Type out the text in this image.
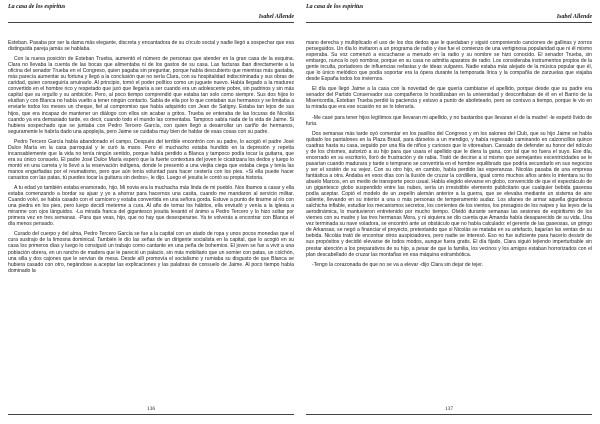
La casa de los espíritus
Isabel Allende

Esteban. Pasaba por ser la dama más elegante, discreta y encantadora de su círculo social y nadie llegó a sospechar que esa distinguida pareja jamás se hablaba.

Con la nueva posición de Esteban Trueba, aumentó el número de personas que atender en la gran casa de la esquina. Clara no llevaba la cuenta de las bocas que alimentaba ni de los gastos de su casa. Las facturas iban directamente a la oficina del senador Trueba en el Congreso, quien pagaba sin preguntar, porque había descubierto que mientras más gastaba, más parecía aumentar su fortuna y llegó a la conclusión que no sería Clara, con su hospitalidad indiscriminada y sus obras de caridad, quien conseguiría arruinarlo. Al principio, tomó el poder político como un juguete nuevo. Había llegado a la madurez convertido en el hombre rico y respetado que juró que llegaría a ser cuando era un adolescente pobre, sin padrinos y sin más capital que su orgullo y su ambición. Pero, al poco tiempo comprendió que estaba tan solo como siempre. Sus dos hijos lo eludían y con Blanca no había vuelto a tener ningún contacto. Sabía de ella por lo que contaban sus hermanos y se limitaba a enviarle todos los meses un cheque, fiel al compromiso que había adquirido con Jean de Satigny. Estaba tan lejos de sus hijos, que era incapaz de mantener un diálogo con ellos sin acabar a gritos. Trueba se enteraba de las locuras de Nicolás cuando ya era demasiado tarde, es decir, cuando todo el mundo las comentaba. Tampoco sabía nada de la vida de Jaime. Si hubiera sospechado que se juntaba con Pedro Tercero García, con quien llegó a desarrollar un cariño de hermanos, seguramente le habría dado una apoplejía, pero Jaime se cuidaba muy bien de hablar de esas cosas con su padre.

Pedro Tercero García había abandonado el campo. Después del terrible encontrón con su padre, lo acogió el padre José Dulce María en la casa parroquial y le curó la mano. Pero el muchacho estaba hundido en la depresión y repetía incansablemente que la vida no tenía ningún sentido, porque había perdido a Blanca y tampoco podía tocar la guitarra, que era su único consuelo. El padre José Dulce María esperó que la fuerte contextura del joven le cicatrizara los dedos y luego lo montó en una carreta y lo llevó a la reservación indígena, donde le presentó a una viejita ciega que estaba ciega y tenía las manos engarfiadas por el reumatismo, pero que aún tenía voluntad para hacer cestería con los pies. «Si ella puede hacer canastos con las patas, tú puedes tocar la guitarra sin dedos», le dijo. Luego el jesuita le contó su propia historia.

A tu edad yo también estaba enamorado, hijo. Mi novia era la muchacha más linda de mi pueblo. Nos íbamos a casar y ella estaba comenzando a bordar su ajuar y yo a ahorrar para hacernos una casita, cuando me mandaron al servicio militar. Cuando volví, se había casado con el carnicero y estaba convertida en una señora gorda. Estuve a punto de tirarme al río con una piedra en los pies, pero luego decidí meterme a cura. Al año de tomar los hábitos, ella enviudó y venía a la iglesia a mirarme con ojos lánguidos. -La mirada franca del gigantesco jesuita levantó el ánimo a Pedro Tercero y lo hizo soltar por primera vez en tres semanas. -Para que veas, hijo, que no hay que desesperarse. Ya te volverás a encontrar con Blanca el día menos pensado.

Curado del cuerpo y del alma, Pedro Tercero García se fue a la capital con un atado de ropa y unos pocos monedas que el cura sustrajo de la limosna dominical. También le dio las señas de un dirigente socialista en la capital, que lo acogió en su casa los primeros días y luego lo consiguió un trabajo como cantante en una peña de bohemios. El joven se fue a vivir a una población obrera, en un rancho de madera que le pareció un palacio, sin más mobiliario que un somier con patas, un colchón, una silla y dos cajones que le servían de mesa. Desde allí promovía el socialismo y rumiaba su disgusto de que Blanca se hubiera casado con otro, negándose a aceptar las explicaciones y las palabras de consuelo de Jaime. Al poco tiempo había dominado la

136
La casa de los espíritus
Isabel Allende

mano derecha y multiplicado el uso de los dos dedos que le quedaban y siguió componiendo canciones de gallinas y zorros perseguidos. Un día lo invitaron a un programa de radio y ése fue el comienzo de una vertiginosa popularidad que ni él mismo esperaba. Su voz comenzó a escucharse a menudo en la radio y su nombre se hizo conocido. El senador Trueba, sin embargo, nunca lo oyó nombrar, porque en su casa no admitía aparatos de radio. Los consideraba instrumentos propios de la gente inculta, portadores de influencias nefastas y de ideas vulgares. Nadie estaba más alejado de la música popular que él, que lo único melódico que podía soportar era la ópera durante la temporada lírica y la compañía de zarzuelas que viajaba desde España todos los inviernos.

El día que llegó Jaime a la casa con la novedad de que quería cambiarse el apellido, porque desde que su padre era senador del Partido Conservador sus compañeros lo hostilizaban en la universidad y desconfiaban de él en el Barrio de la Misericordia, Esteban Trueba perdió la paciencia y estuvo a punto de abofetearlo, pero se contuvo a tiempo, porque le vio en la mirada que era ese ocasión no se lo toleraría.

-Me casé para tener hijos legítimos que llevaran mi apellido, y no bastardos que llevaran el de la madre! -le espetó lívido de furia.

Dos semanas más tarde oyó comentar en los pasillos del Congreso y en los salones del Club, que su hijo Jaime se había quitado los pantalones en la Plaza Brasil, para dárselos a un mendigo, y había regresado caminando en calzoncillos quince cuadras hasta su casa, seguido por una fila de niños y curiosos que lo vitoreaban. Cansado de defender su honor del ridículo y de los chismes, autorizó a su hijo para que usara el apellido que le diera la gana, con tal que no fuera el suyo. Ese día, encerrado en su escritorio, lloró de frustración y de rabia. Trató de decirse a sí mismo que semejantes excentricidades se le pasarían cuando madurara y tarde o temprano se convertiría en el hombre equilibrado que podría secundarlo en sus negocios y ser el sostén de su vejez. Con su otro hijo, en cambio, había perdido las esperanzas. Nicolás pasaba de una empresa fantástica a otra. Andaba en esos días con la ilusión de cruzar la cordillera, igual como muchos años antes lo intentara su tío abuelo Marcos, en un medio de transporte poco usual. Había elegido elevarse en globo, convencido de que el espectáculo de un gigantesco globo suspendido entre las nubes, sería un irresistible elemento publicitario que cualquier bebida gaseosa podía aceptar. Copió el modelo de un zepelín alemán anterior a la guerra, que se elevaba mediante un sistema de aire caliente, llevando en su interior a una o más personas de temperamento audaz. Los afanes de armar aquella gigantesca salchicha inflable, estudiar los mecanismos secretos, los corrientes de los vientos, los presagios de los naipes y las leyes de la aerodinámica, lo mantuvieron entretenido por mucho tiempo. Olvidó durante semanas las sesiones de espiritismo de los viernes con su madre y las tres hermanas Mora, y ni siquiera se dio cuenta que Amanda había desaparecido de su vida. Una vez terminada su nave voladora, se encontró ante un obstáculo que no había calculado: el gerente de las gaseosas, un gringo de Arkansas, se negó a financiar el proyecto, pretextando que si Nicolás se mataba en su artefacto, bajarían las ventas de su bebida. Nicolás trató de encontrar otros auspiciadores, pero nadie se interesó. Eso no fue suficiente para hacerlo desistir de sus propósitos y decidió elevarse de todos modos, aunque fuera gratis. El día fijado, Clara siguió tejiendo imperturbable sin prestar atención a los preparativos de su hijo, a pesar de que la familia, los vecinos y los amigos estaban horrorizados con el plan descabellado de cruzar las montañas en esa máquina estrambótica.

-Tengo la corazonada de que no se va a elevar -dijo Clara sin dejar de tejer.

137
